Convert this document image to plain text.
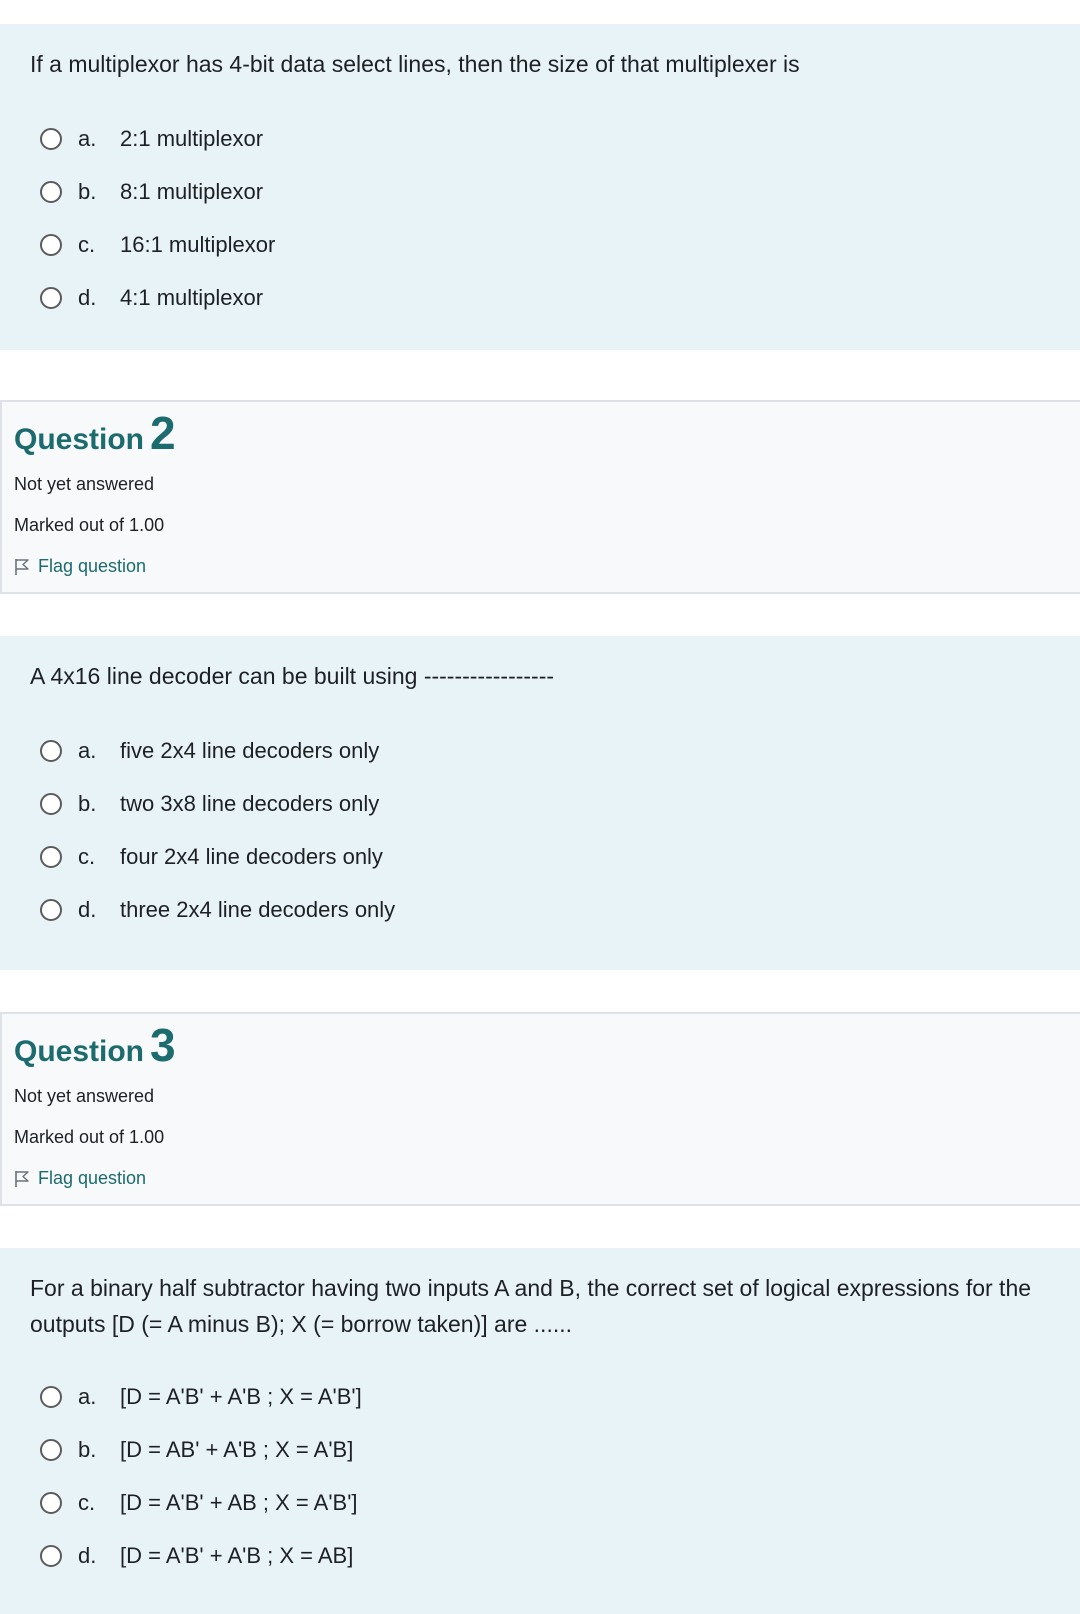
If a multiplexor has 4-bit data select lines, then the size of that multiplexer is

a.	2:1 multiplexor
b.	8:1 multiplexor
c.	16:1 multiplexor
d.	4:1 multiplexor
Question 2
Not yet answered
Marked out of 1.00
Flag question

A 4x16 line decoder can be built using -----------------

a.	five 2x4 line decoders only
b.	two 3x8 line decoders only
c.	four 2x4 line decoders only
d.	three 2x4 line decoders only
Question 3
Not yet answered
Marked out of 1.00
Flag question

For a binary half subtractor having two inputs A and B, the correct set of logical expressions for the outputs [D (= A minus B); X (= borrow taken)] are ......

a.	[D = A'B' + A'B ; X = A'B']
b.	[D = AB' + A'B ; X = A'B]
c.	[D = A'B' + AB ; X = A'B']
d.	[D = A'B' + A'B ; X = AB]
